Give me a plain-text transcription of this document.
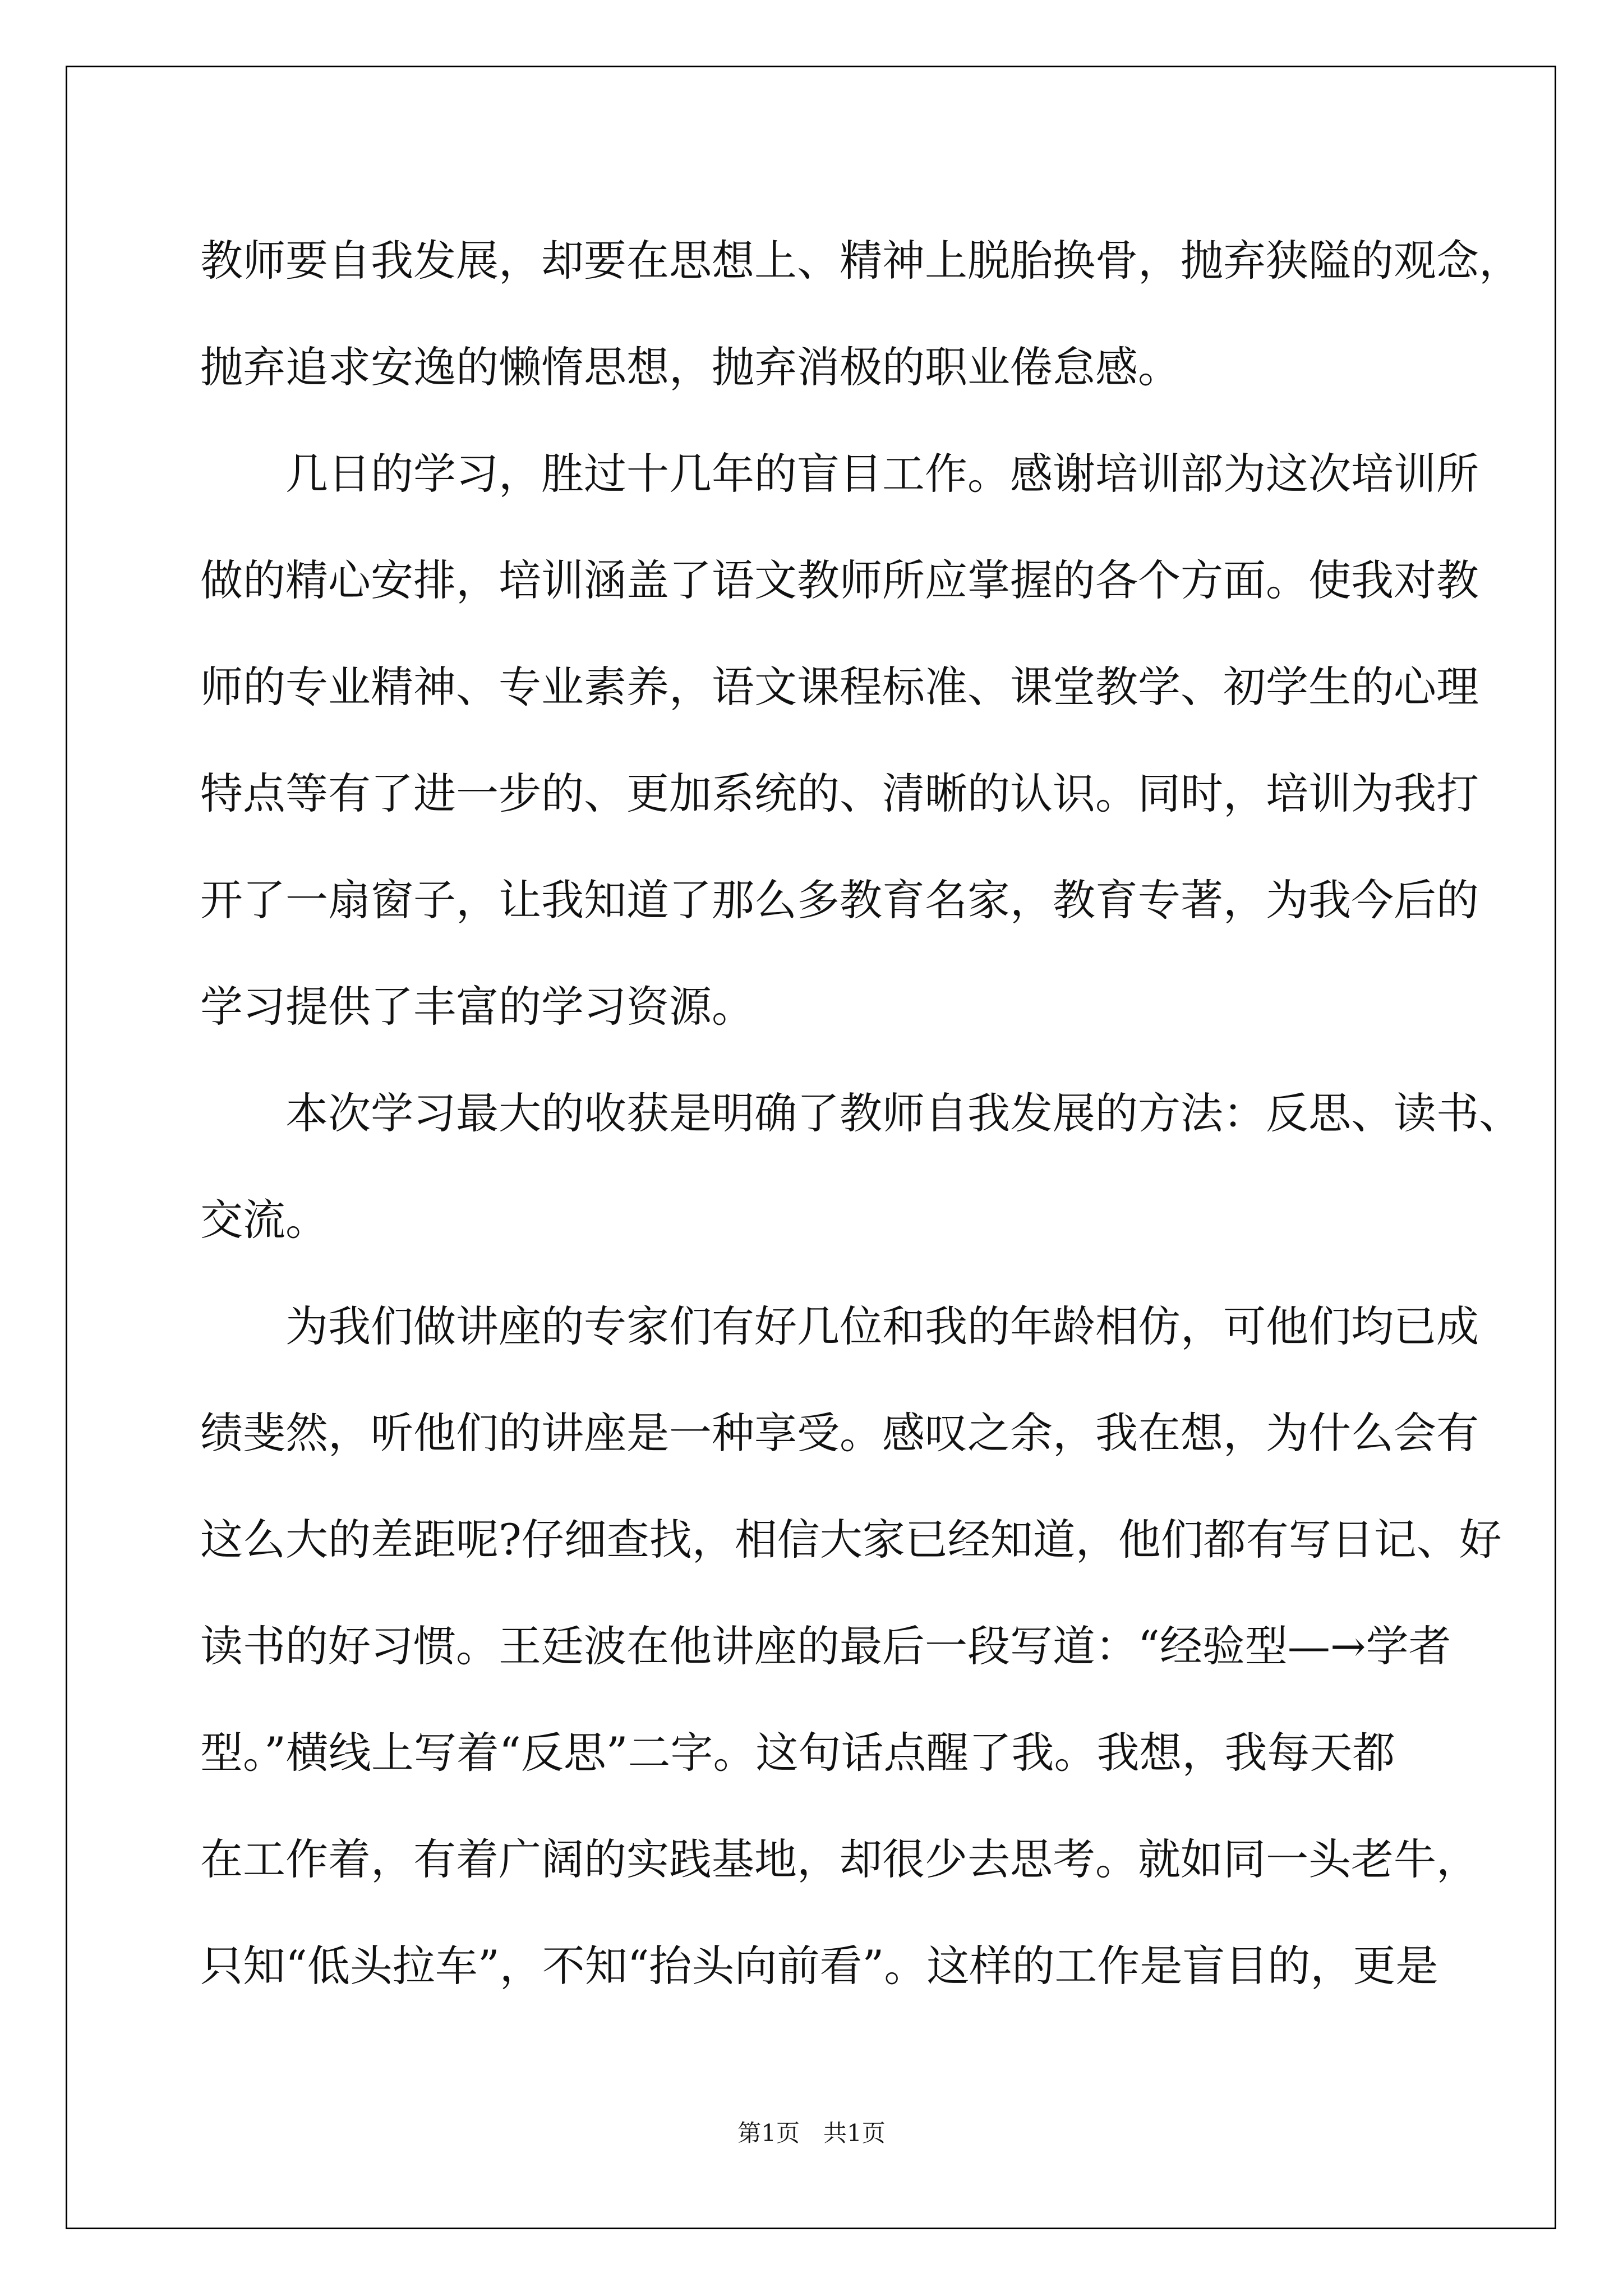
教师要自我发展，却要在思想上、精神上脱胎换骨，抛弃狭隘的观念，
抛弃追求安逸的懒惰思想，抛弃消极的职业倦怠感。
几日的学习，胜过十几年的盲目工作。感谢培训部为这次培训所
做的精心安排，培训涵盖了语文教师所应掌握的各个方面。使我对教
师的专业精神、专业素养，语文课程标准、课堂教学、初学生的心理
特点等有了进一步的、更加系统的、清晰的认识。同时，培训为我打
开了一扇窗子，让我知道了那么多教育名家，教育专著，为我今后的
学习提供了丰富的学习资源。
本次学习最大的收获是明确了教师自我发展的方法：反思、读书、
交流。
为我们做讲座的专家们有好几位和我的年龄相仿，可他们均已成
绩斐然，听他们的讲座是一种享受。感叹之余，我在想，为什么会有
这么大的差距呢?仔细查找，相信大家已经知道，他们都有写日记、好
读书的好习惯。王廷波在他讲座的最后一段写道：“经验型—→学者
型。”横线上写着“反思”二字。这句话点醒了我。我想，我每天都
在工作着，有着广阔的实践基地，却很少去思考。就如同一头老牛，
只知“低头拉车”，不知“抬头向前看”。这样的工作是盲目的，更是
第1页　共1页
